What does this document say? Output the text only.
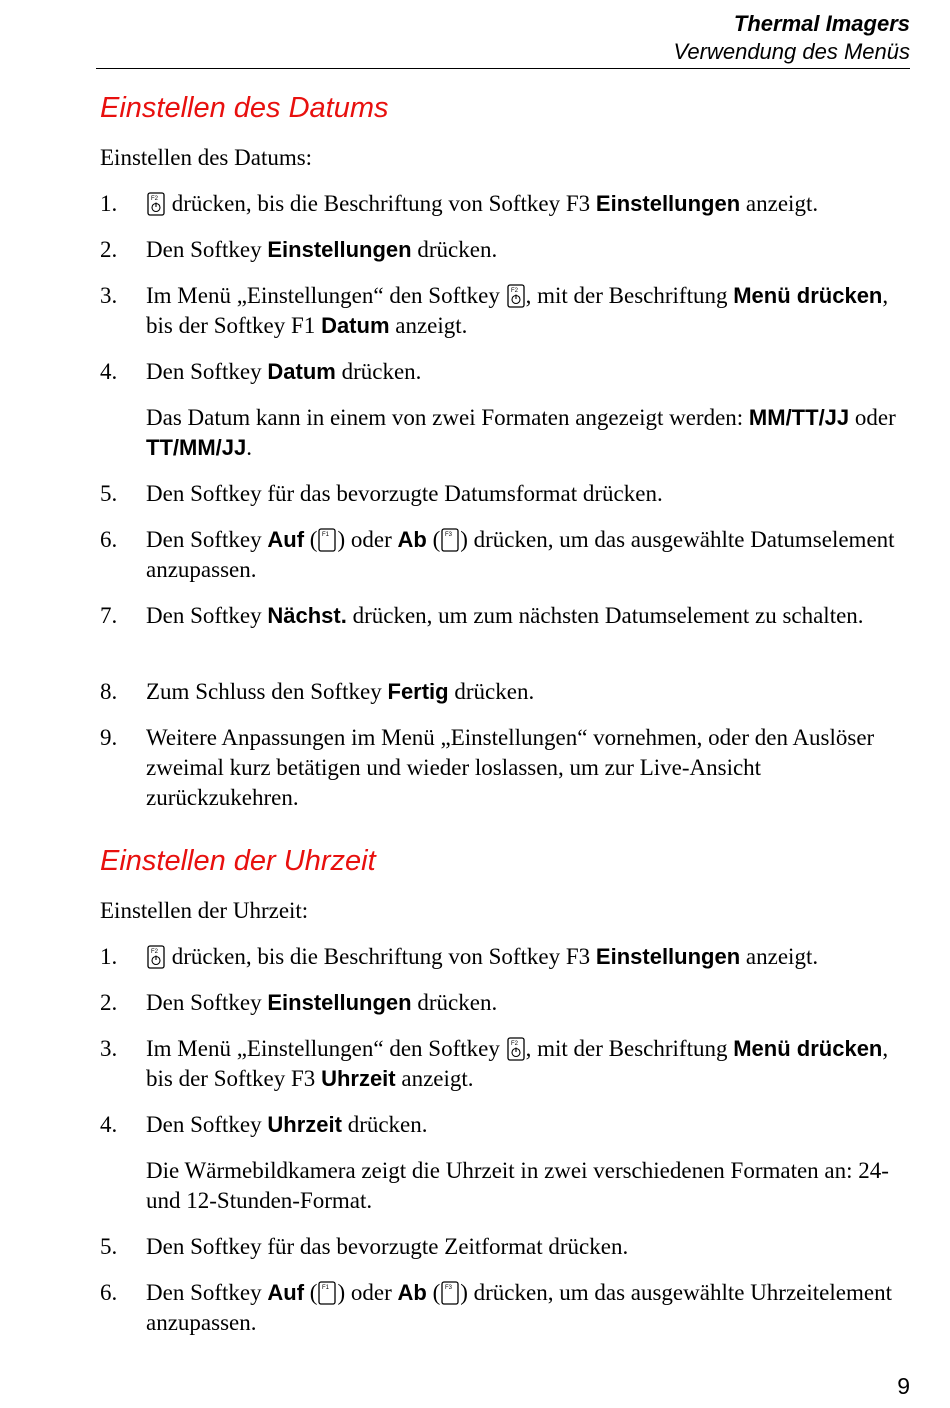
Thermal Imagers
Verwendung des Menüs
Einstellen des Datums
Einstellen des Datums:
1.	drücken, bis die Beschriftung von Softkey F3 Einstellungen anzeigt.
2.	Den Softkey Einstellungen drücken.
3.	Im Menü „Einstellungen“ den Softkey
, mit der Beschriftung Menü drücken, bis der Softkey F1 Datum anzeigt.
4.	Den Softkey Datum drücken.
Das Datum kann in einem von zwei Formaten angezeigt werden: MM/TT/JJ oder TT/MM/JJ.
5.	Den Softkey für das bevorzugte Datumsformat drücken.
6.	Den Softkey Auf ( ) oder Ab ( ) drücken, um das ausgewählte Datumselement anzupassen.
7.	Den Softkey Nächst. drücken, um zum nächsten Datumselement zu schalten.
8.	Zum Schluss den Softkey Fertig drücken.
9.	Weitere Anpassungen im Menü „Einstellungen“ vornehmen, oder den Auslöser zweimal kurz betätigen und wieder loslassen, um zur Live-Ansicht zurückzukehren.
Einstellen der Uhrzeit
Einstellen der Uhrzeit:
1.	drücken, bis die Beschriftung von Softkey F3 Einstellungen anzeigt.
2.	Den Softkey Einstellungen drücken.
3.	Im Menü „Einstellungen“ den Softkey
, mit der Beschriftung Menü drücken, bis der Softkey F3 Uhrzeit anzeigt.
4.	Den Softkey Uhrzeit drücken.
Die Wärmebildkamera zeigt die Uhrzeit in zwei verschiedenen Formaten an: 24- und 12-Stunden-Format.
5.	Den Softkey für das bevorzugte Zeitformat drücken.
6.	Den Softkey Auf ( ) oder Ab ( ) drücken, um das ausgewählte Uhrzeitelement anzupassen.
9
